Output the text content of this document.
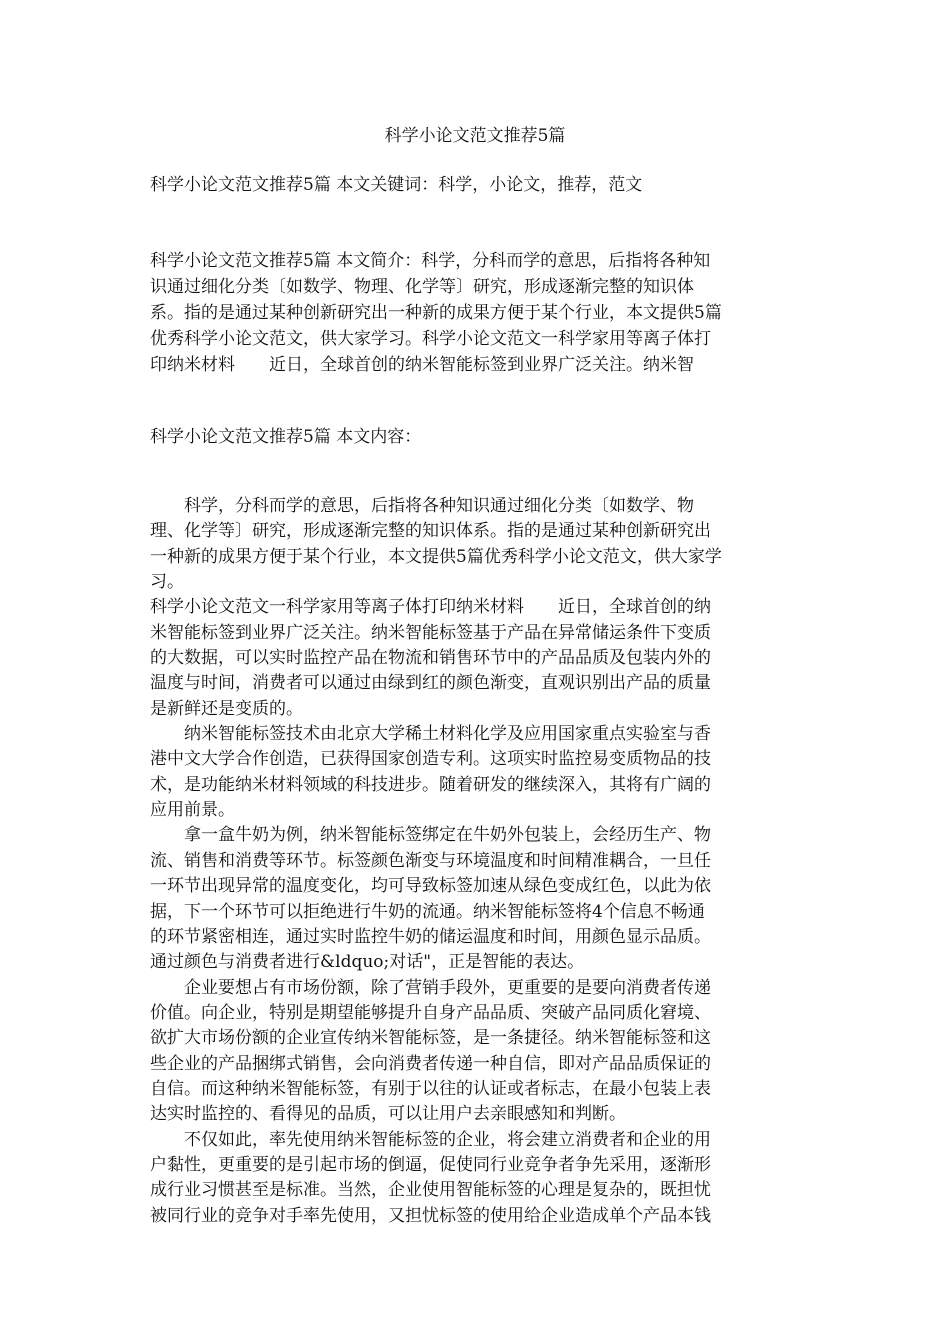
科学小论文范文推荐5篇
科学小论文范文推荐5篇 本文关键词：科学，小论文，推荐，范文
科学小论文范文推荐5篇 本文简介：科学，分科而学的意思，后指将各种知
识通过细化分类〔如数学、物理、化学等〕研究，形成逐渐完整的知识体
系。指的是通过某种创新研究出一种新的成果方便于某个行业，本文提供5篇
优秀科学小论文范文，供大家学习。科学小论文范文一科学家用等离子体打
印纳米材料　　近日，全球首创的纳米智能标签到业界广泛关注。纳米智
科学小论文范文推荐5篇 本文内容：
　　科学，分科而学的意思，后指将各种知识通过细化分类〔如数学、物
理、化学等〕研究，形成逐渐完整的知识体系。指的是通过某种创新研究出
一种新的成果方便于某个行业，本文提供5篇优秀科学小论文范文，供大家学
习。
科学小论文范文一科学家用等离子体打印纳米材料　　近日，全球首创的纳
米智能标签到业界广泛关注。纳米智能标签基于产品在异常储运条件下变质
的大数据，可以实时监控产品在物流和销售环节中的产品品质及包装内外的
温度与时间，消费者可以通过由绿到红的颜色渐变，直观识别出产品的质量
是新鲜还是变质的。
　　纳米智能标签技术由北京大学稀土材料化学及应用国家重点实验室与香
港中文大学合作创造，已获得国家创造专利。这项实时监控易变质物品的技
术，是功能纳米材料领域的科技进步。随着研发的继续深入，其将有广阔的
应用前景。
　　拿一盒牛奶为例，纳米智能标签绑定在牛奶外包装上，会经历生产、物
流、销售和消费等环节。标签颜色渐变与环境温度和时间精准耦合，一旦任
一环节出现异常的温度变化，均可导致标签加速从绿色变成红色，以此为依
据，下一个环节可以拒绝进行牛奶的流通。纳米智能标签将4个信息不畅通
的环节紧密相连，通过实时监控牛奶的储运温度和时间，用颜色显示品质。
通过颜色与消费者进行&ldquo;对话"，正是智能的表达。
　　企业要想占有市场份额，除了营销手段外，更重要的是要向消费者传递
价值。向企业，特别是期望能够提升自身产品品质、突破产品同质化窘境、
欲扩大市场份额的企业宣传纳米智能标签，是一条捷径。纳米智能标签和这
些企业的产品捆绑式销售，会向消费者传递一种自信，即对产品品质保证的
自信。而这种纳米智能标签，有别于以往的认证或者标志，在最小包装上表
达实时监控的、看得见的品质，可以让用户去亲眼感知和判断。
　　不仅如此，率先使用纳米智能标签的企业，将会建立消费者和企业的用
户黏性，更重要的是引起市场的倒逼，促使同行业竞争者争先采用，逐渐形
成行业习惯甚至是标准。当然，企业使用智能标签的心理是复杂的，既担忧
被同行业的竞争对手率先使用，又担忧标签的使用给企业造成单个产品本钱
